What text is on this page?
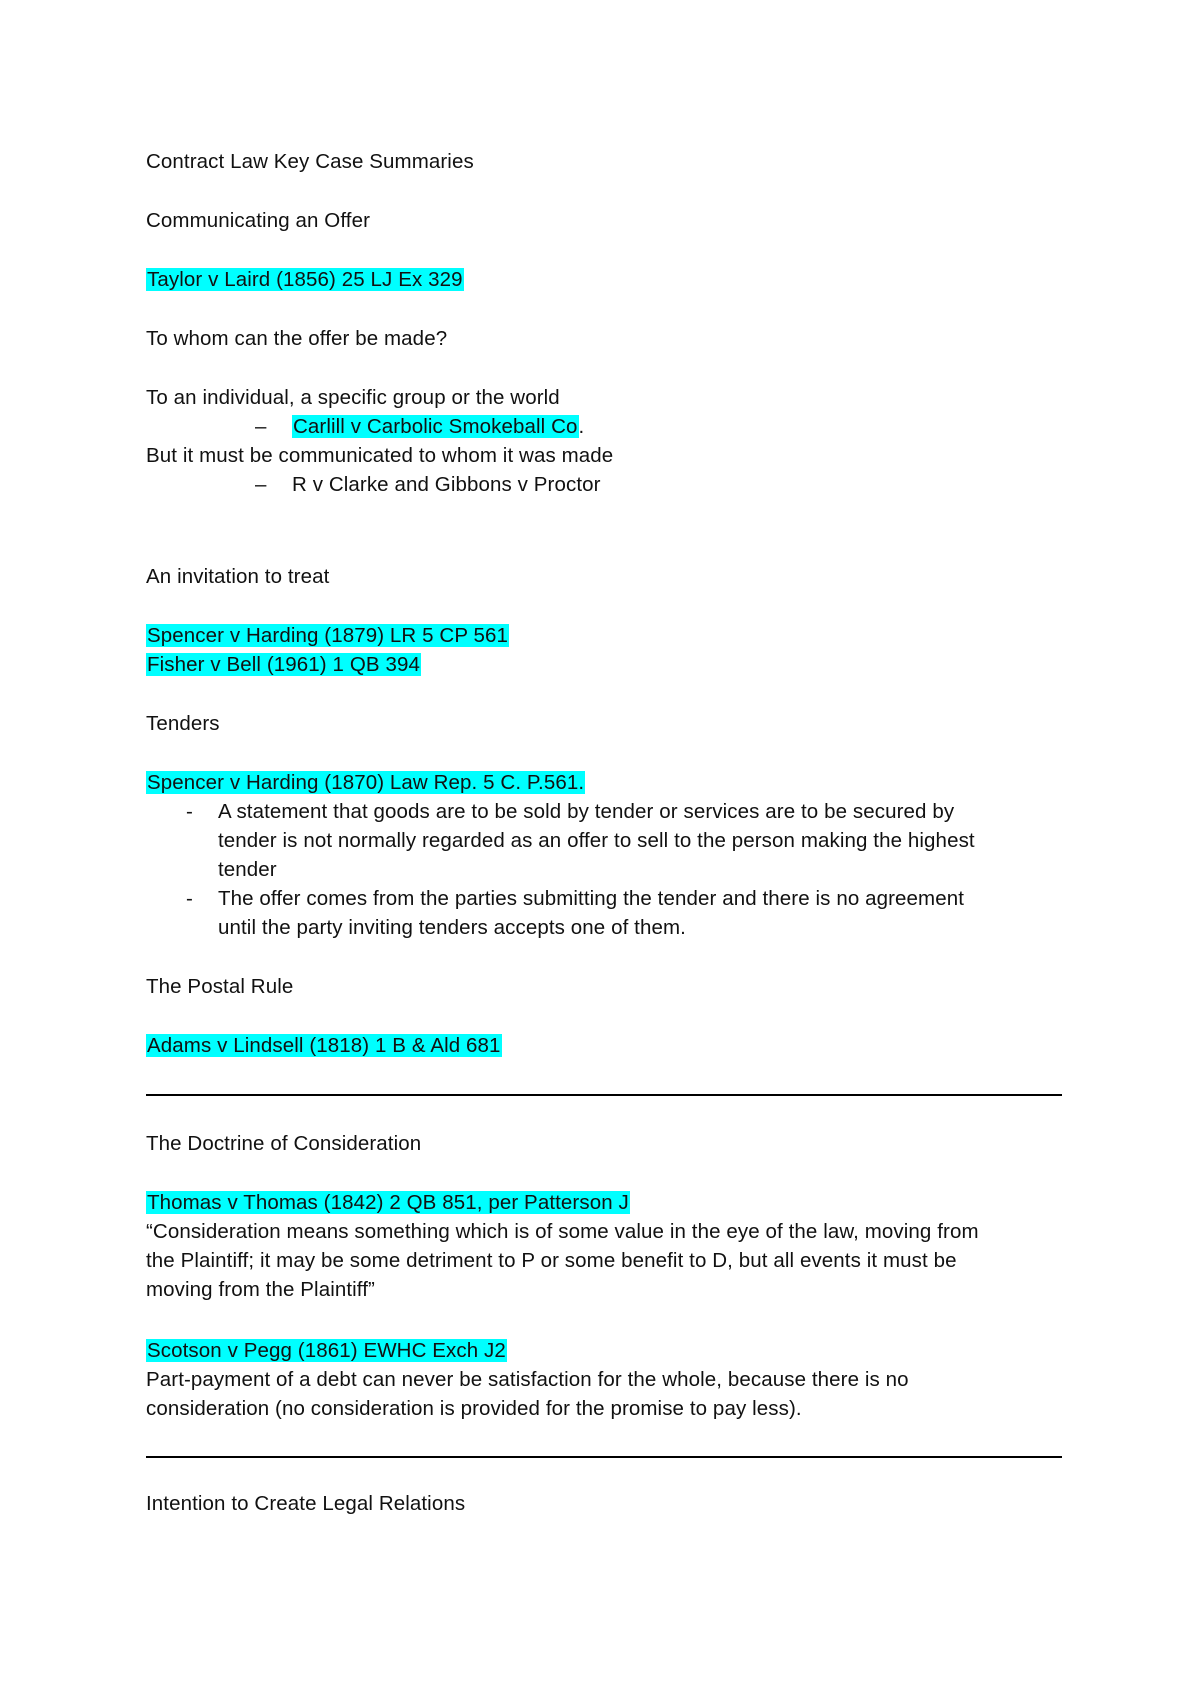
Contract Law Key Case Summaries
Communicating an Offer
Taylor v Laird (1856) 25 LJ Ex 329
To whom can the offer be made?
To an individual, a specific group or the world
– Carlill v Carbolic Smokeball Co.
But it must be communicated to whom it was made
– R v Clarke and Gibbons v Proctor
An invitation to treat
Spencer v Harding (1879) LR 5 CP 561
Fisher v Bell (1961) 1 QB 394
Tenders
Spencer v Harding (1870) Law Rep. 5 C. P.561.
- A statement that goods are to be sold by tender or services are to be secured by
tender is not normally regarded as an offer to sell to the person making the highest
tender
- The offer comes from the parties submitting the tender and there is no agreement
until the party inviting tenders accepts one of them.
The Postal Rule
Adams v Lindsell (1818) 1 B & Ald 681
The Doctrine of Consideration
Thomas v Thomas (1842) 2 QB 851, per Patterson J
“Consideration means something which is of some value in the eye of the law, moving from
the Plaintiff; it may be some detriment to P or some benefit to D, but all events it must be
moving from the Plaintiff”
Scotson v Pegg (1861) EWHC Exch J2
Part-payment of a debt can never be satisfaction for the whole, because there is no
consideration (no consideration is provided for the promise to pay less).
Intention to Create Legal Relations
